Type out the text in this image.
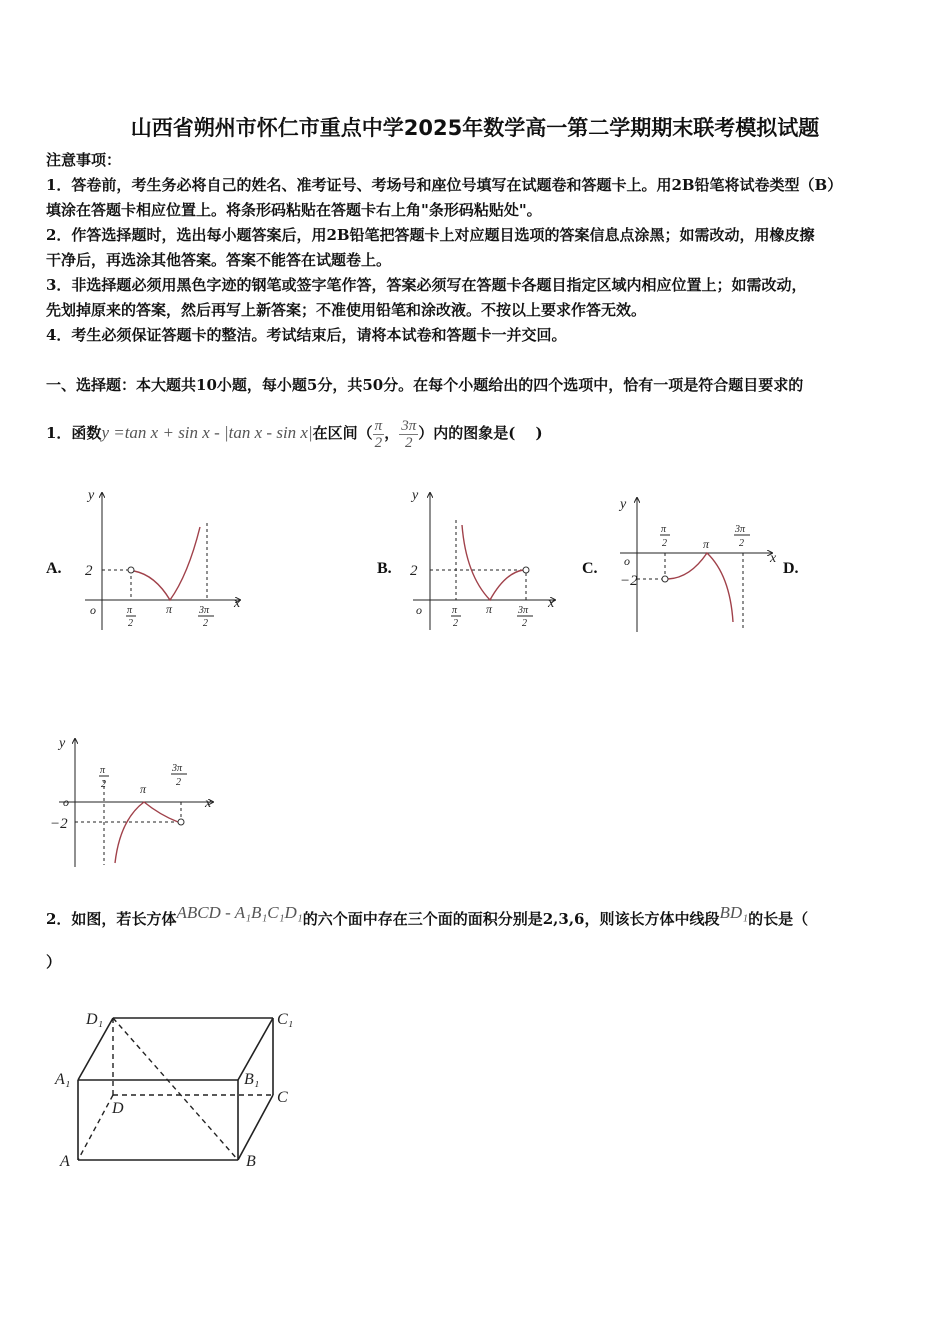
山西省朔州市怀仁市重点中学2025年数学高一第二学期期末联考模拟试题
注意事项：
1．答卷前，考生务必将自己的姓名、准考证号、考场号和座位号填写在试题卷和答题卡上。用2B铅笔将试卷类型（B）
填涂在答题卡相应位置上。将条形码粘贴在答题卡右上角"条形码粘贴处"。
2．作答选择题时，选出每小题答案后，用2B铅笔把答题卡上对应题目选项的答案信息点涂黑；如需改动，用橡皮擦
干净后，再选涂其他答案。答案不能答在试题卷上。
3．非选择题必须用黑色字迹的钢笔或签字笔作答，答案必须写在答题卡各题目指定区域内相应位置上；如需改动，
先划掉原来的答案，然后再写上新答案；不准使用铅笔和涂改液。不按以上要求作答无效。
4．考生必须保证答题卡的整洁。考试结束后，请将本试卷和答题卡一并交回。
一、选择题：本大题共10小题，每小题5分，共50分。在每个小题给出的四个选项中，恰有一项是符合题目要求的
1．函数y =tan x + sin x - |tan x - sin x|在区间（ $\frac{\pi}{2}$ ， $\frac{3\pi}{2}$ ）内的图象是(　 )
A.	B.	C.	D.
y
2
o	x
π
2
π	3π
2
y
2
o	x
π
2
π	3π
2
y
−2
o	x
π
2	π
3π
2
y
−2
o	x
π
2	π
3π
2
2．如图，若长方体ABCD - A₁B₁C₁D₁的六个面中存在三个面的面积分别是2,3,6，则该长方体中线段BD₁的长是（
）
D₁	C₁
A₁	B₁
D
C
A	B
